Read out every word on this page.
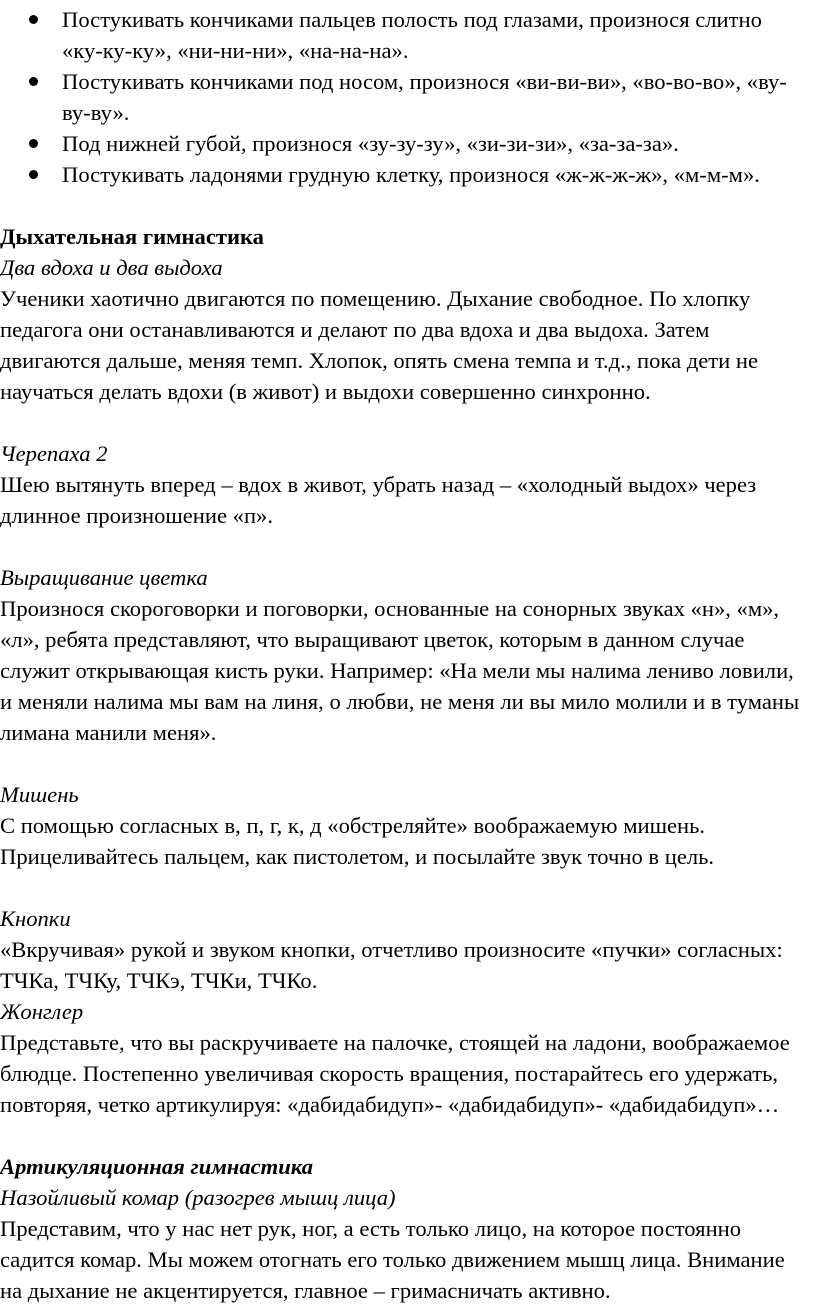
Постукивать кончиками пальцев полость под глазами, произнося слитно «ку-ку-ку», «ни-ни-ни», «на-на-на».
Постукивать кончиками под носом, произнося «ви-ви-ви», «во-во-во», «ву-ву-ву».
Под нижней губой, произнося «зу-зу-зу», «зи-зи-зи», «за-за-за».
Постукивать ладонями грудную клетку, произнося «ж-ж-ж-ж», «м-м-м».
Дыхательная гимнастика
Два вдоха и два выдоха
Ученики хаотично двигаются по помещению. Дыхание свободное. По хлопку педагога они останавливаются и делают по два вдоха и два выдоха. Затем двигаются дальше, меняя темп. Хлопок, опять смена темпа и т.д., пока дети не научаться делать вдохи (в живот) и выдохи совершенно синхронно.
Черепаха 2
Шею вытянуть вперед – вдох в живот, убрать назад – «холодный выдох» через длинное произношение «п».
Выращивание цветка
Произнося скороговорки и поговорки, основанные на сонорных звуках «н», «м», «л», ребята представляют, что выращивают цветок, которым в данном случае служит открывающая кисть руки. Например: «На мели мы налима лениво ловили, и меняли налима мы вам на линя, о любви, не меня ли вы мило молили и в туманы лимана манили меня».
Мишень
С помощью согласных в, п, г, к, д «обстреляйте» воображаемую мишень. Прицеливайтесь пальцем, как пистолетом, и посылайте звук точно в цель.
Кнопки
«Вкручивая» рукой и звуком кнопки, отчетливо произносите «пучки» согласных: ТЧКа, ТЧКу, ТЧКэ, ТЧКи, ТЧКо.
Жонглер
Представьте, что вы раскручиваете на палочке, стоящей на ладони, воображаемое блюдце. Постепенно увеличивая скорость вращения, постарайтесь его удержать, повторяя, четко артикулируя: «дабидабидуп»- «дабидабидуп»- «дабидабидуп»…
Артикуляционная гимнастика
Назойливый комар (разогрев мышц лица)
Представим, что у нас нет рук, ног, а есть только лицо, на которое постоянно садится комар. Мы можем отогнать его только движением мышц лица. Внимание на дыхание не акцентируется, главное – гримасничать активно.
